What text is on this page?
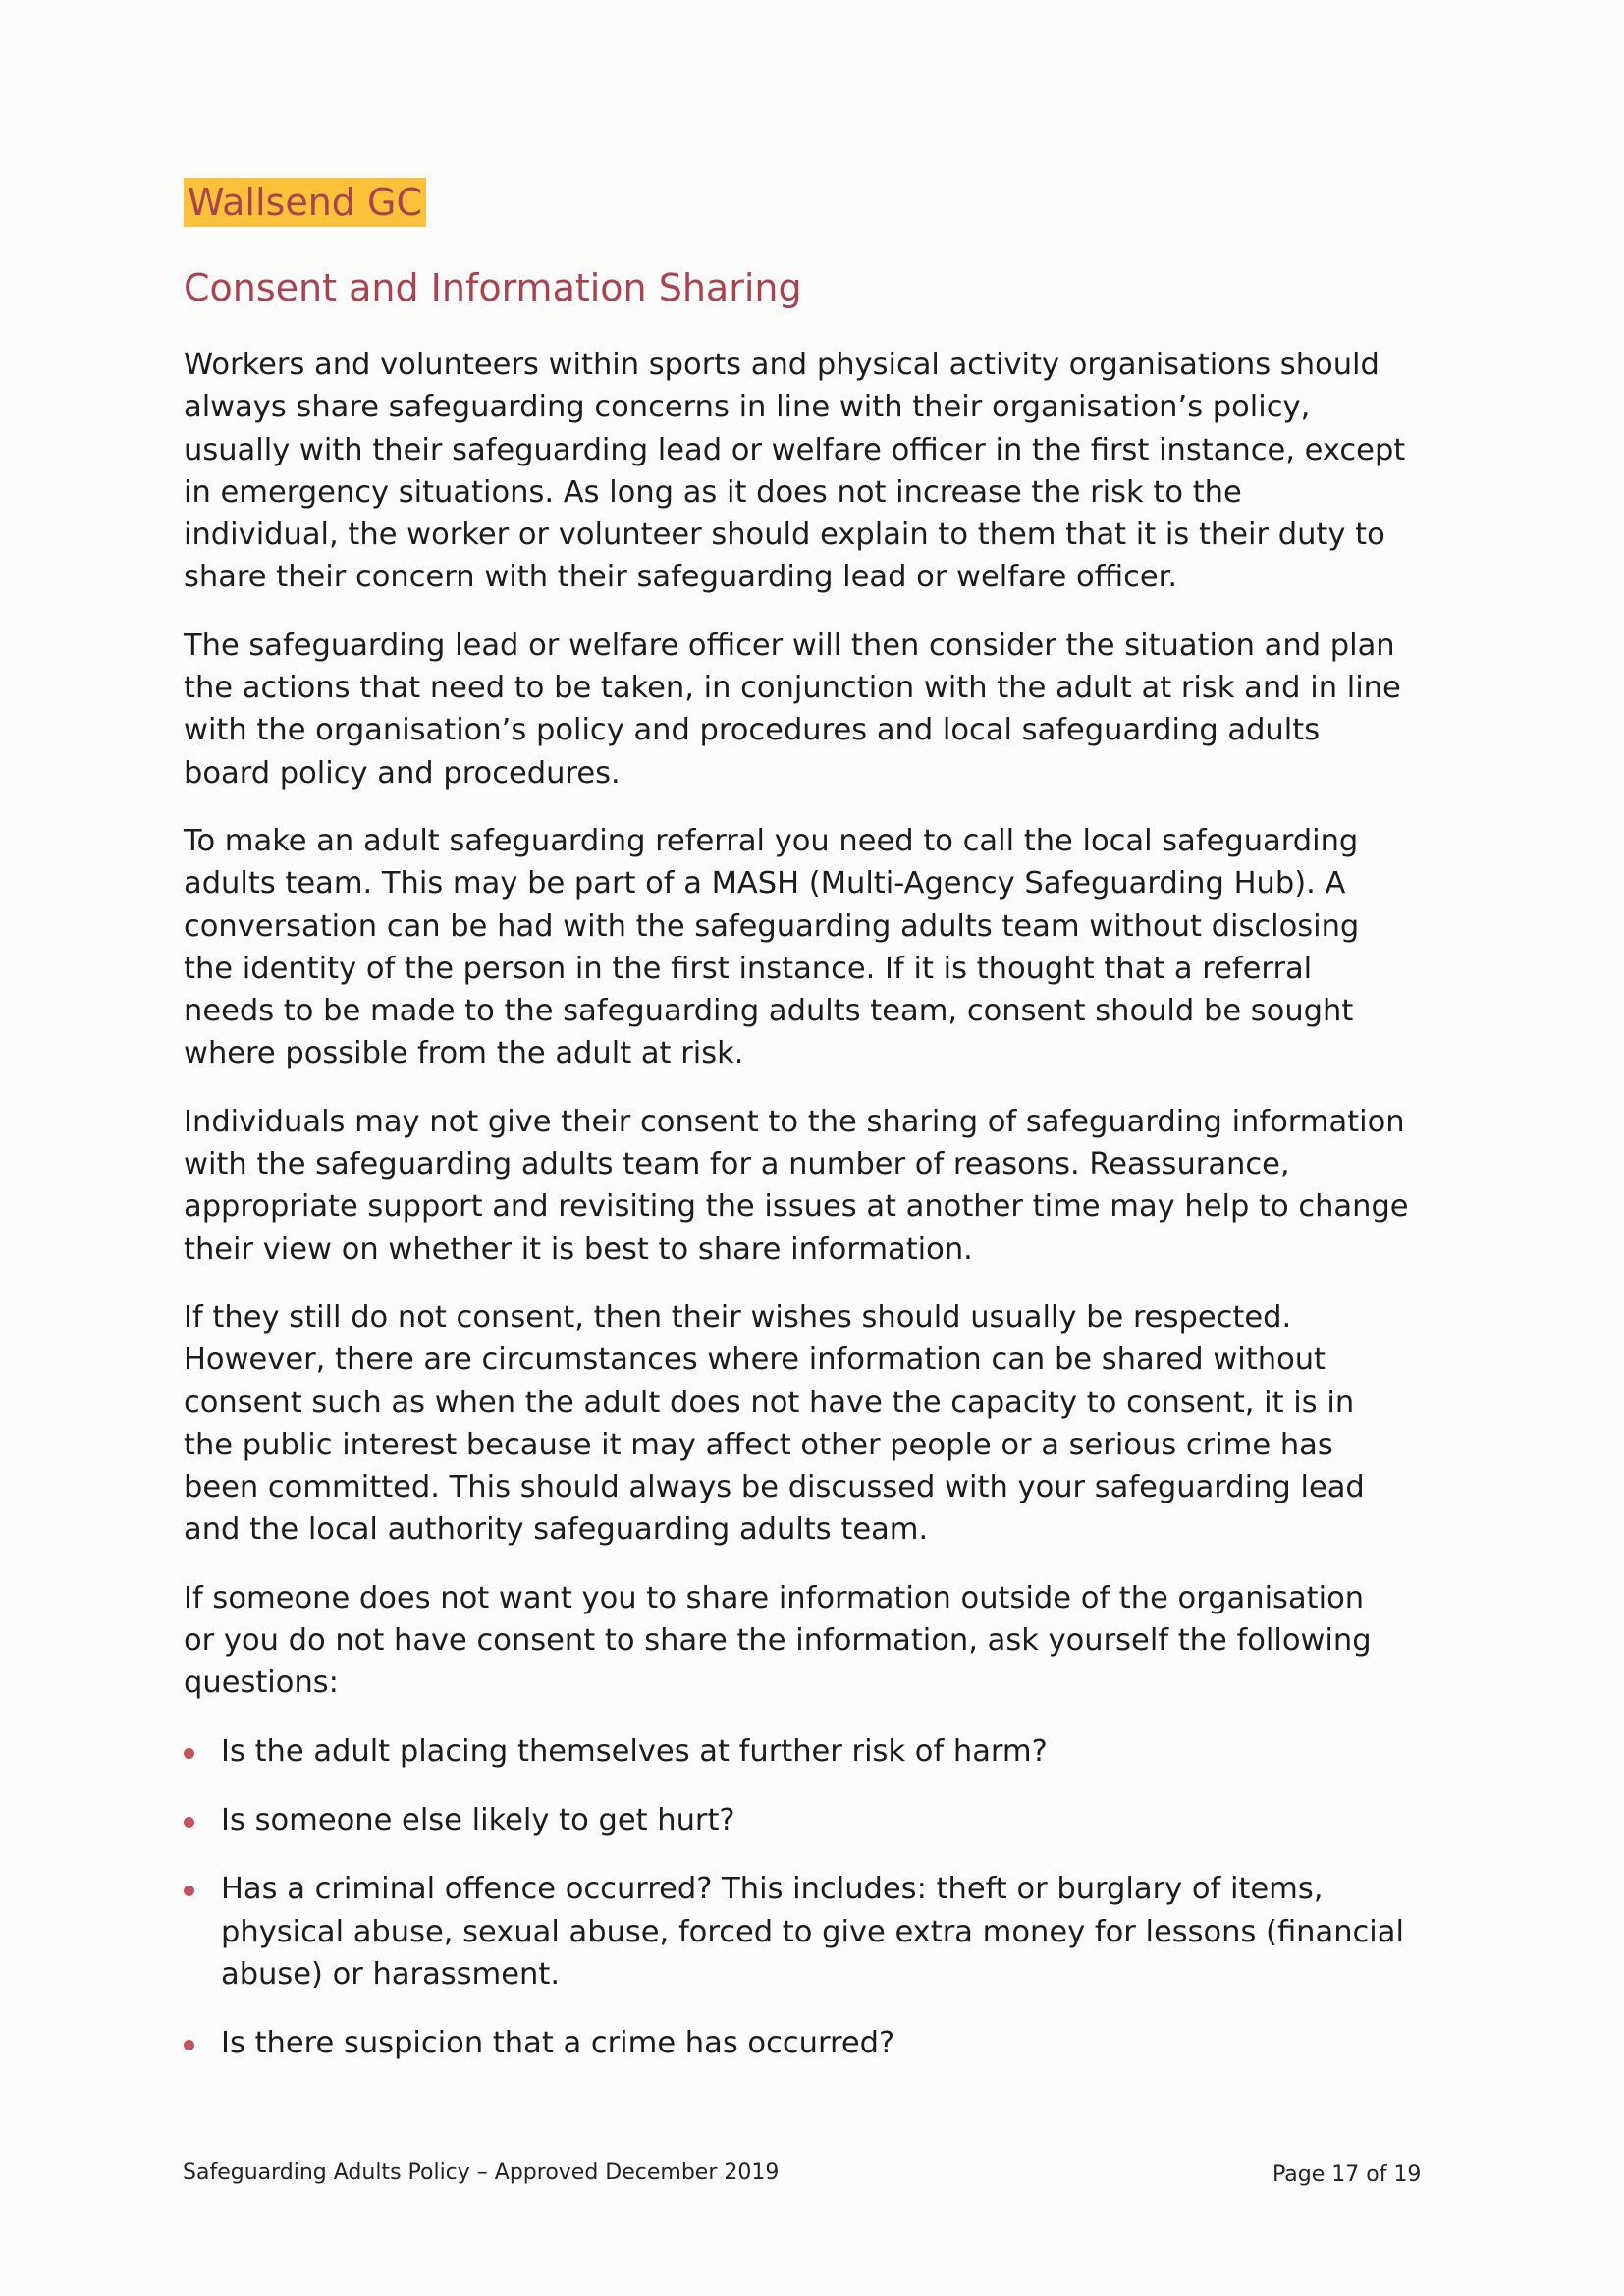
Wallsend GC
Consent and Information Sharing

Workers and volunteers within sports and physical activity organisations should
always share safeguarding concerns in line with their organisation’s policy,
usually with their safeguarding lead or welfare officer in the first instance, except
in emergency situations. As long as it does not increase the risk to the
individual, the worker or volunteer should explain to them that it is their duty to
share their concern with their safeguarding lead or welfare officer.

The safeguarding lead or welfare officer will then consider the situation and plan
the actions that need to be taken, in conjunction with the adult at risk and in line
with the organisation’s policy and procedures and local safeguarding adults
board policy and procedures.

To make an adult safeguarding referral you need to call the local safeguarding
adults team. This may be part of a MASH (Multi-Agency Safeguarding Hub). A
conversation can be had with the safeguarding adults team without disclosing
the identity of the person in the first instance. If it is thought that a referral
needs to be made to the safeguarding adults team, consent should be sought
where possible from the adult at risk.

Individuals may not give their consent to the sharing of safeguarding information
with the safeguarding adults team for a number of reasons. Reassurance,
appropriate support and revisiting the issues at another time may help to change
their view on whether it is best to share information.

If they still do not consent, then their wishes should usually be respected.
However, there are circumstances where information can be shared without
consent such as when the adult does not have the capacity to consent, it is in
the public interest because it may affect other people or a serious crime has
been committed. This should always be discussed with your safeguarding lead
and the local authority safeguarding adults team.

If someone does not want you to share information outside of the organisation
or you do not have consent to share the information, ask yourself the following
questions:

Is the adult placing themselves at further risk of harm?
Is someone else likely to get hurt?
Has a criminal offence occurred? This includes: theft or burglary of items,
physical abuse, sexual abuse, forced to give extra money for lessons (financial
abuse) or harassment.
Is there suspicion that a crime has occurred?
Safeguarding Adults Policy – Approved December 2019	Page 17 of 19
